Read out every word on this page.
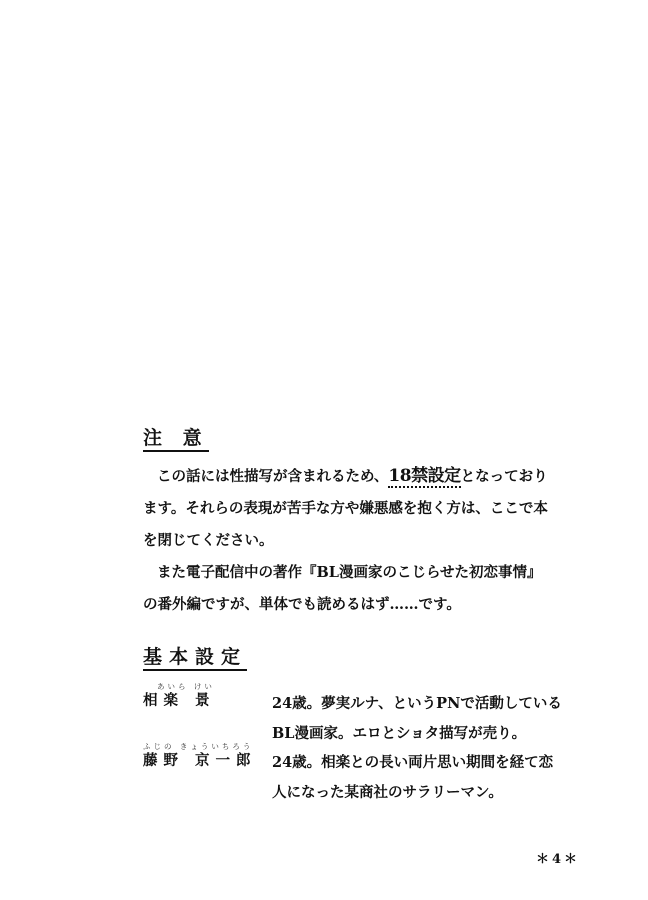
注 意
この話には性描写が含まれるため、18禁設定となっており
ます。それらの表現が苦手な方や嫌悪感を抱く方は、ここで本
を閉じてください。
また電子配信中の著作『BL漫画家のこじらせた初恋事情』
の番外編ですが、単体でも読めるはず……です。
基本設定
あいら けい
相楽 景	24歳。夢実ルナ、というPNで活動している
BL漫画家。エロとショタ描写が売り。
ふじの きょういちろう
藤野 京一郎 24歳。相楽との長い両片思い期間を経て恋
人になった某商社のサラリーマン。
＊4＊
